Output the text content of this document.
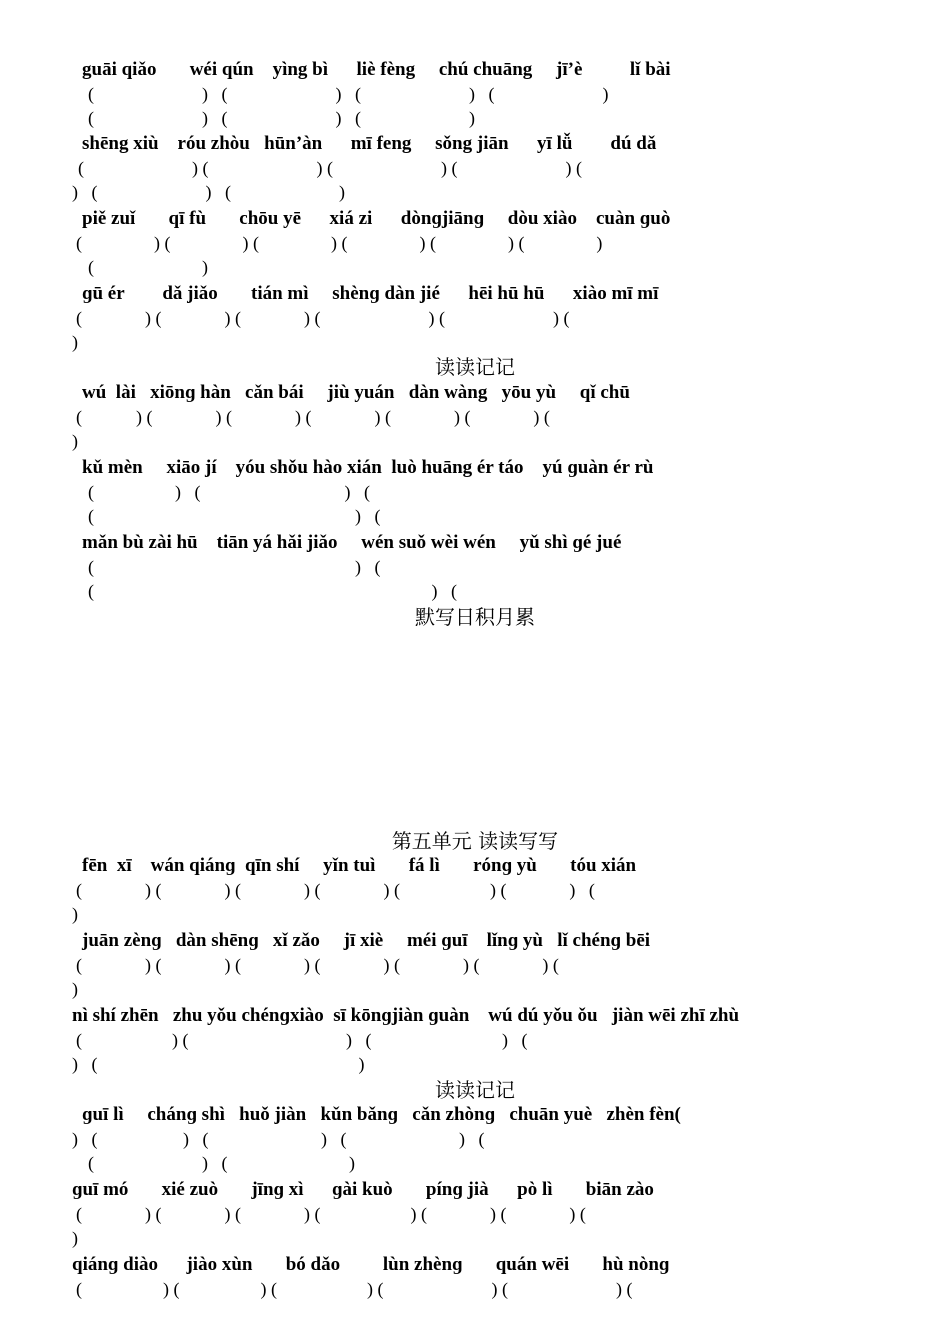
guāi qiǎo       wéi qún    yìng bì      liè fèng     chú chuāng     jī’è          lǐ bài
(                        )   (                        )   (                        )   (                        )
(                        )   (                        )   (                        )
shēng xiù    róu zhòu   hūn’àn      mī feng     sǒng jiān      yī lǚ        dú dǎ
(                        ) (                        ) (                        ) (                        ) (
)   (                        )   (                        )
piě zuǐ       qī fù       chōu yē      xiá zi      dònɡjiānɡ     dòu xiào    cuàn ɡuò
(                ) (                ) (                ) (                ) (                ) (                )
(                        )
ɡū ér        dǎ jiǎo       tián mì     shènɡ dàn jié      hēi hū hū      xiào mī mī
(              ) (              ) (              ) (                        ) (                        ) (
)
读读记记
wú  lài   xiōnɡ hàn   cǎn bái     jiù yuán   dàn wàng   yōu yù     qǐ chū
(            ) (              ) (              ) (              ) (              ) (              ) (
)
kǔ mèn     xiāo jí    yóu shǒu hào xián  luò huāng ér táo    yú ɡuàn ér rù
(                  )   (                                )   (
(                                                          )   (
mǎn bù zài hū    tiān yá hǎi jiǎo     wén suǒ wèi wén     yǔ shì ɡé jué
(                                                          )   (
(                                                                           )   (
默写日积月累
第五单元 读读写写
fēn  xī    wán qiánɡ  qīn shí     yǐn tuì       fá lì       rónɡ yù       tóu xián
(              ) (              ) (              ) (              ) (                    ) (              )   (
)
juān zènɡ   dàn shēnɡ   xǐ zǎo     jī xiè     méi ɡuī    lǐnɡ yù   lǐ chénɡ bēi
(              ) (              ) (              ) (              ) (              ) (              ) (
)
nì shí zhēn   zhu yǒu chénɡxiào  sī kōnɡjiàn ɡuàn    wú dú yǒu ǒu   jiàn wēi zhī zhù
(                    ) (                                   )   (                             )   (
)   (                                                          )
读读记记
ɡuī lì     chánɡ shì   huǒ jiàn   kǔn bǎnɡ   cǎn zhònɡ   chuān yuè   zhèn fèn(
)   (                   )   (                         )   (                         )   (
(                        )   (                           )
ɡuī mó       xié zuò       jīnɡ xì      ɡài kuò       pínɡ jià      pò lì       biān zào
(              ) (              ) (              ) (                    ) (              ) (              ) (
)
qiánɡ diào      jiào xùn       bó dǎo         lùn zhènɡ       quán wēi       hù nònɡ
(                  ) (                  ) (                    ) (                        ) (                        ) (
